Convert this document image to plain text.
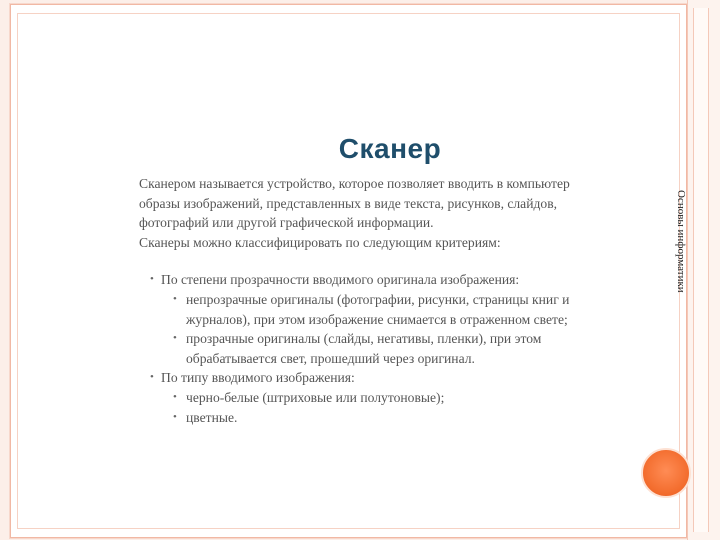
Основы информатики
Сканер

Сканером называется устройство, которое позволяет вводить в компьютер

образы изображений, представленных в виде текста, рисунков, слайдов,

фотографий или другой графической информации.

Сканеры можно классифицировать по следующим критериям:

• По степени прозрачности вводимого оригинала изображения:
• непрозрачные оригиналы (фотографии, рисунки, страницы книг и
журналов), при этом изображение снимается в отраженном свете;
• прозрачные оригиналы (слайды, негативы, пленки), при этом
обрабатывается свет, прошедший через оригинал.
• По типу вводимого изображения:
• черно-белые (штриховые или полутоновые);
• цветные.
